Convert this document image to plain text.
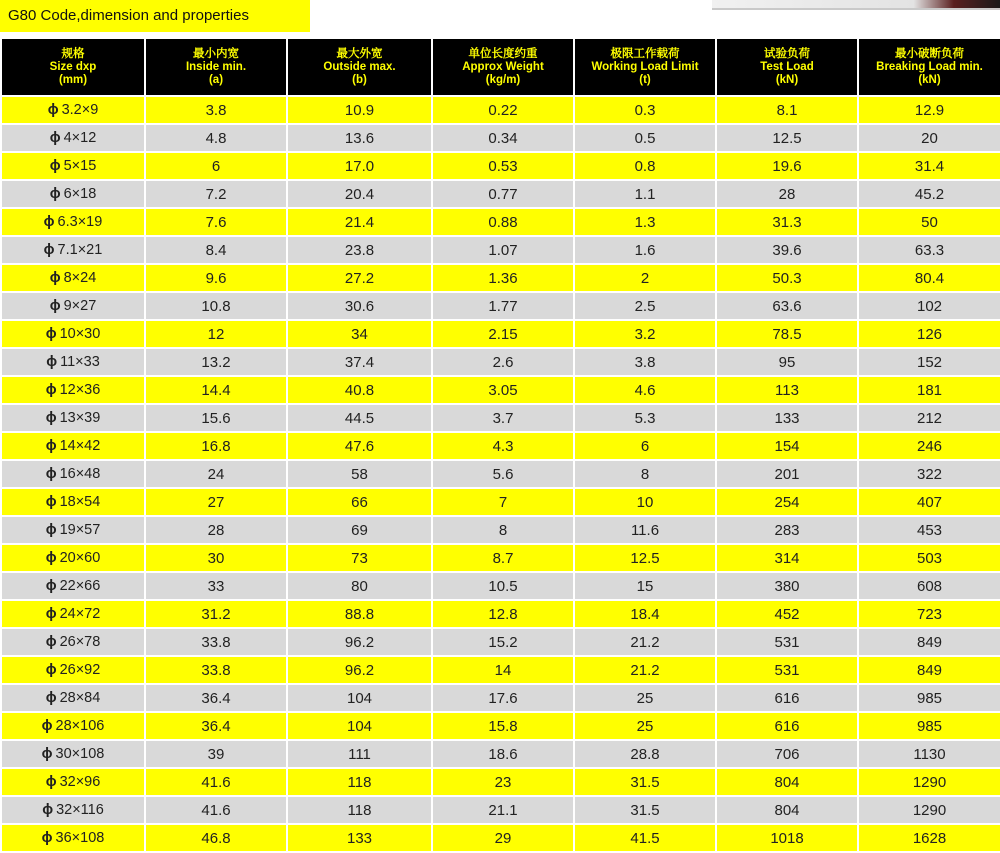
G80 Code,dimension and properties
规格
Size dxp
(mm)	最小内宽
Inside min.
(a)	最大外宽
Outside max.
(b)	单位长度约重
Approx Weight
(kg/m)	极限工作载荷
Working Load Limit
(t)	试验负荷
Test Load
(kN)	最小破断负荷
Breaking Load min.
(kN)

ϕ 3.2×9	3.8	10.9	0.22	0.3	8.1	12.9
ϕ 4×12	4.8	13.6	0.34	0.5	12.5	20
ϕ 5×15	6	17.0	0.53	0.8	19.6	31.4
ϕ 6×18	7.2	20.4	0.77	1.1	28	45.2
ϕ 6.3×19	7.6	21.4	0.88	1.3	31.3	50
ϕ 7.1×21	8.4	23.8	1.07	1.6	39.6	63.3
ϕ 8×24	9.6	27.2	1.36	2	50.3	80.4
ϕ 9×27	10.8	30.6	1.77	2.5	63.6	102
ϕ 10×30	12	34	2.15	3.2	78.5	126
ϕ 11×33	13.2	37.4	2.6	3.8	95	152
ϕ 12×36	14.4	40.8	3.05	4.6	113	181
ϕ 13×39	15.6	44.5	3.7	5.3	133	212
ϕ 14×42	16.8	47.6	4.3	6	154	246
ϕ 16×48	24	58	5.6	8	201	322
ϕ 18×54	27	66	7	10	254	407
ϕ 19×57	28	69	8	11.6	283	453
ϕ 20×60	30	73	8.7	12.5	314	503
ϕ 22×66	33	80	10.5	15	380	608
ϕ 24×72	31.2	88.8	12.8	18.4	452	723
ϕ 26×78	33.8	96.2	15.2	21.2	531	849
ϕ 26×92	33.8	96.2	14	21.2	531	849
ϕ 28×84	36.4	104	17.6	25	616	985
ϕ 28×106	36.4	104	15.8	25	616	985
ϕ 30×108	39	111	18.6	28.8	706	1130
ϕ 32×96	41.6	118	23	31.5	804	1290
ϕ 32×116	41.6	118	21.1	31.5	804	1290
ϕ 36×108	46.8	133	29	41.5	1018	1628
